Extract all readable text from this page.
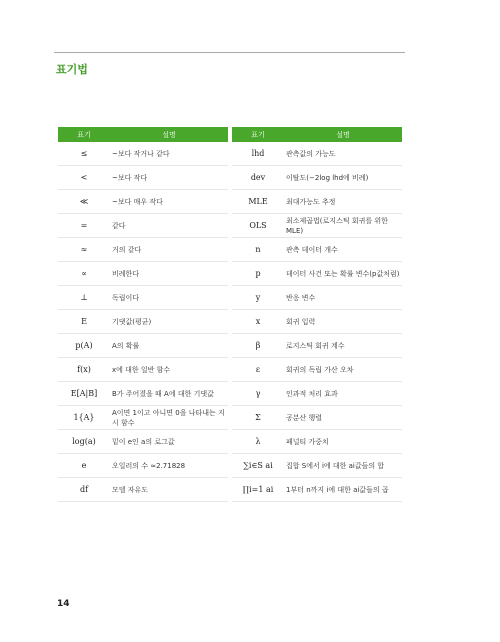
표기법
표기	설명
≤	~보다 작거나 같다
<	~보다 작다
≪	~보다 매우 작다
=	같다
≈	거의 같다
∝	비례한다
⊥	독립이다
E	기댓값(평균)
p(A)	A의 확률
f(x)	x에 대한 일반 함수
E[A|B]	B가 주어졌을 때 A에 대한 기댓값
1{A}	A이면 1이고 아니면 0을 나타내는 지시 함수
log(a)	밑이 e인 a의 로그값
e	오일러의 수 ≈2.71828
df	모델 자유도
표기	설명
lhd	관측값의 가능도
dev	이탈도(−2log lhd에 비례)
MLE	최대가능도 추정
OLS	최소제곱법(로지스틱 회귀를 위한 MLE)
n	관측 데이터 개수
p	데이터 사건 또는 확률 변수(p값처럼)
y	반응 변수
x	회귀 입력
β	로지스틱 회귀 계수
ε	회귀의 독립 가산 오차
γ	인과적 처리 효과
Σ	공분산 행렬
λ	페널티 가중치
∑i∈S ai	집합 S에서 i에 대한 ai값들의 합
∏i=1 ai	1부터 n까지 i에 대한 ai값들의 곱
14
